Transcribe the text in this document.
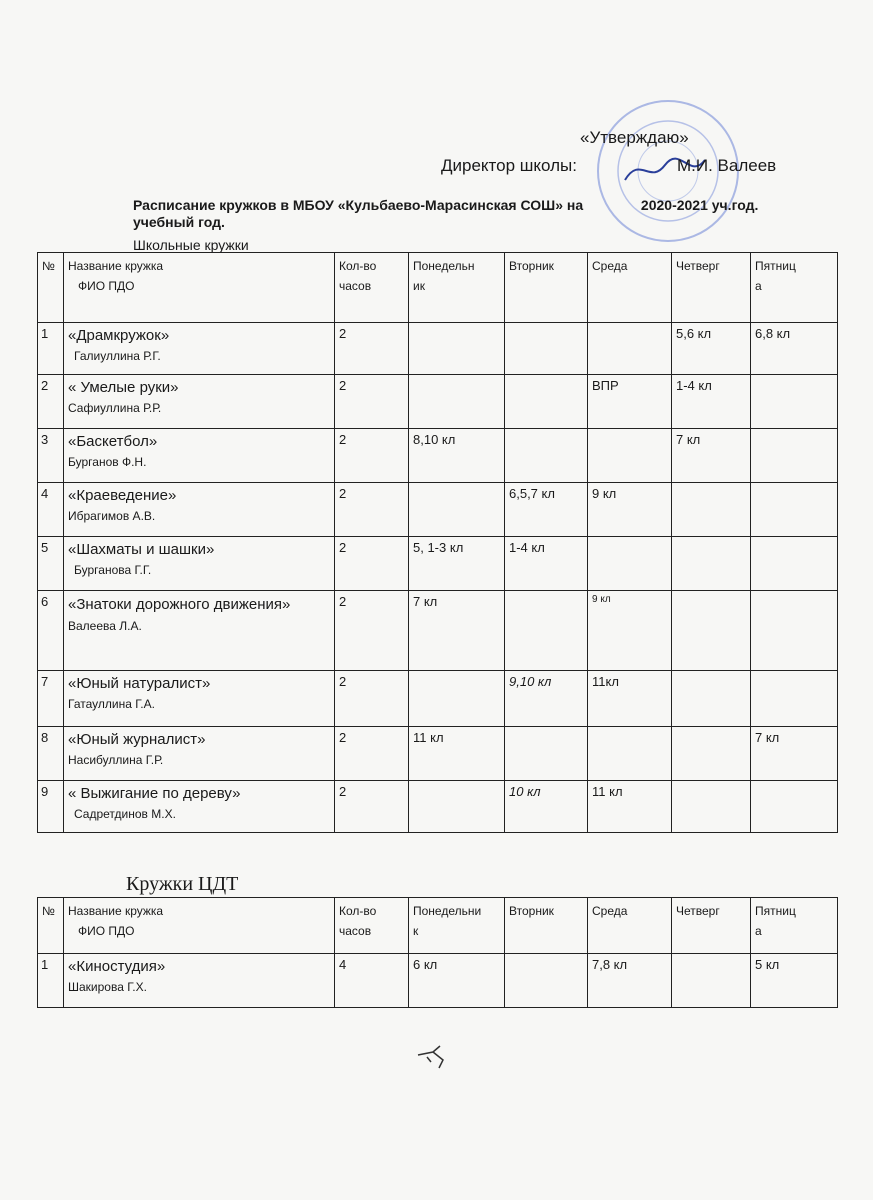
«Утверждаю»
Директор школы:	М.И. Валеев
Расписание кружков в МБОУ «Кульбаево-Марасинская СОШ» на	2020-2021 уч.год.
учебный год.
Школьные кружки
№	Название кружка
ФИО ПДО	Кол-во
часов	Понедельн
ик	Вторник	Среда	Четверг	Пятниц
а
1	«Драмкружок»
Галиуллина Р.Г.	2				5,6 кл	6,8 кл
2	« Умелые руки»
Сафиуллина Р.Р.	2			ВПР	1-4 кл	
3	«Баскетбол»
Бурганов Ф.Н.	2	8,10 кл			7 кл	
4	«Краеведение»
Ибрагимов А.В.	2		6,5,7 кл	9 кл		
5	«Шахматы и шашки»
Бурганова Г.Г.	2	5, 1-3 кл	1-4 кл			
6	«Знатоки дорожного движения»
Валеева Л.А.	2	7 кл		9 кл		
7	«Юный натуралист»
Гатауллина Г.А.	2		9,10 кл	11кл		
8	«Юный журналист»
Насибуллина Г.Р.	2	11 кл				7 кл
9	« Выжигание по дереву»
Садретдинов М.Х.	2		10 кл	11 кл		
Кружки ЦДТ
№	Название кружка
ФИО ПДО	Кол-во
часов	Понедельни
к	Вторник	Среда	Четверг	Пятниц
а
1	«Киностудия»
Шакирова Г.Х.	4	6 кл		7,8 кл		5 кл
